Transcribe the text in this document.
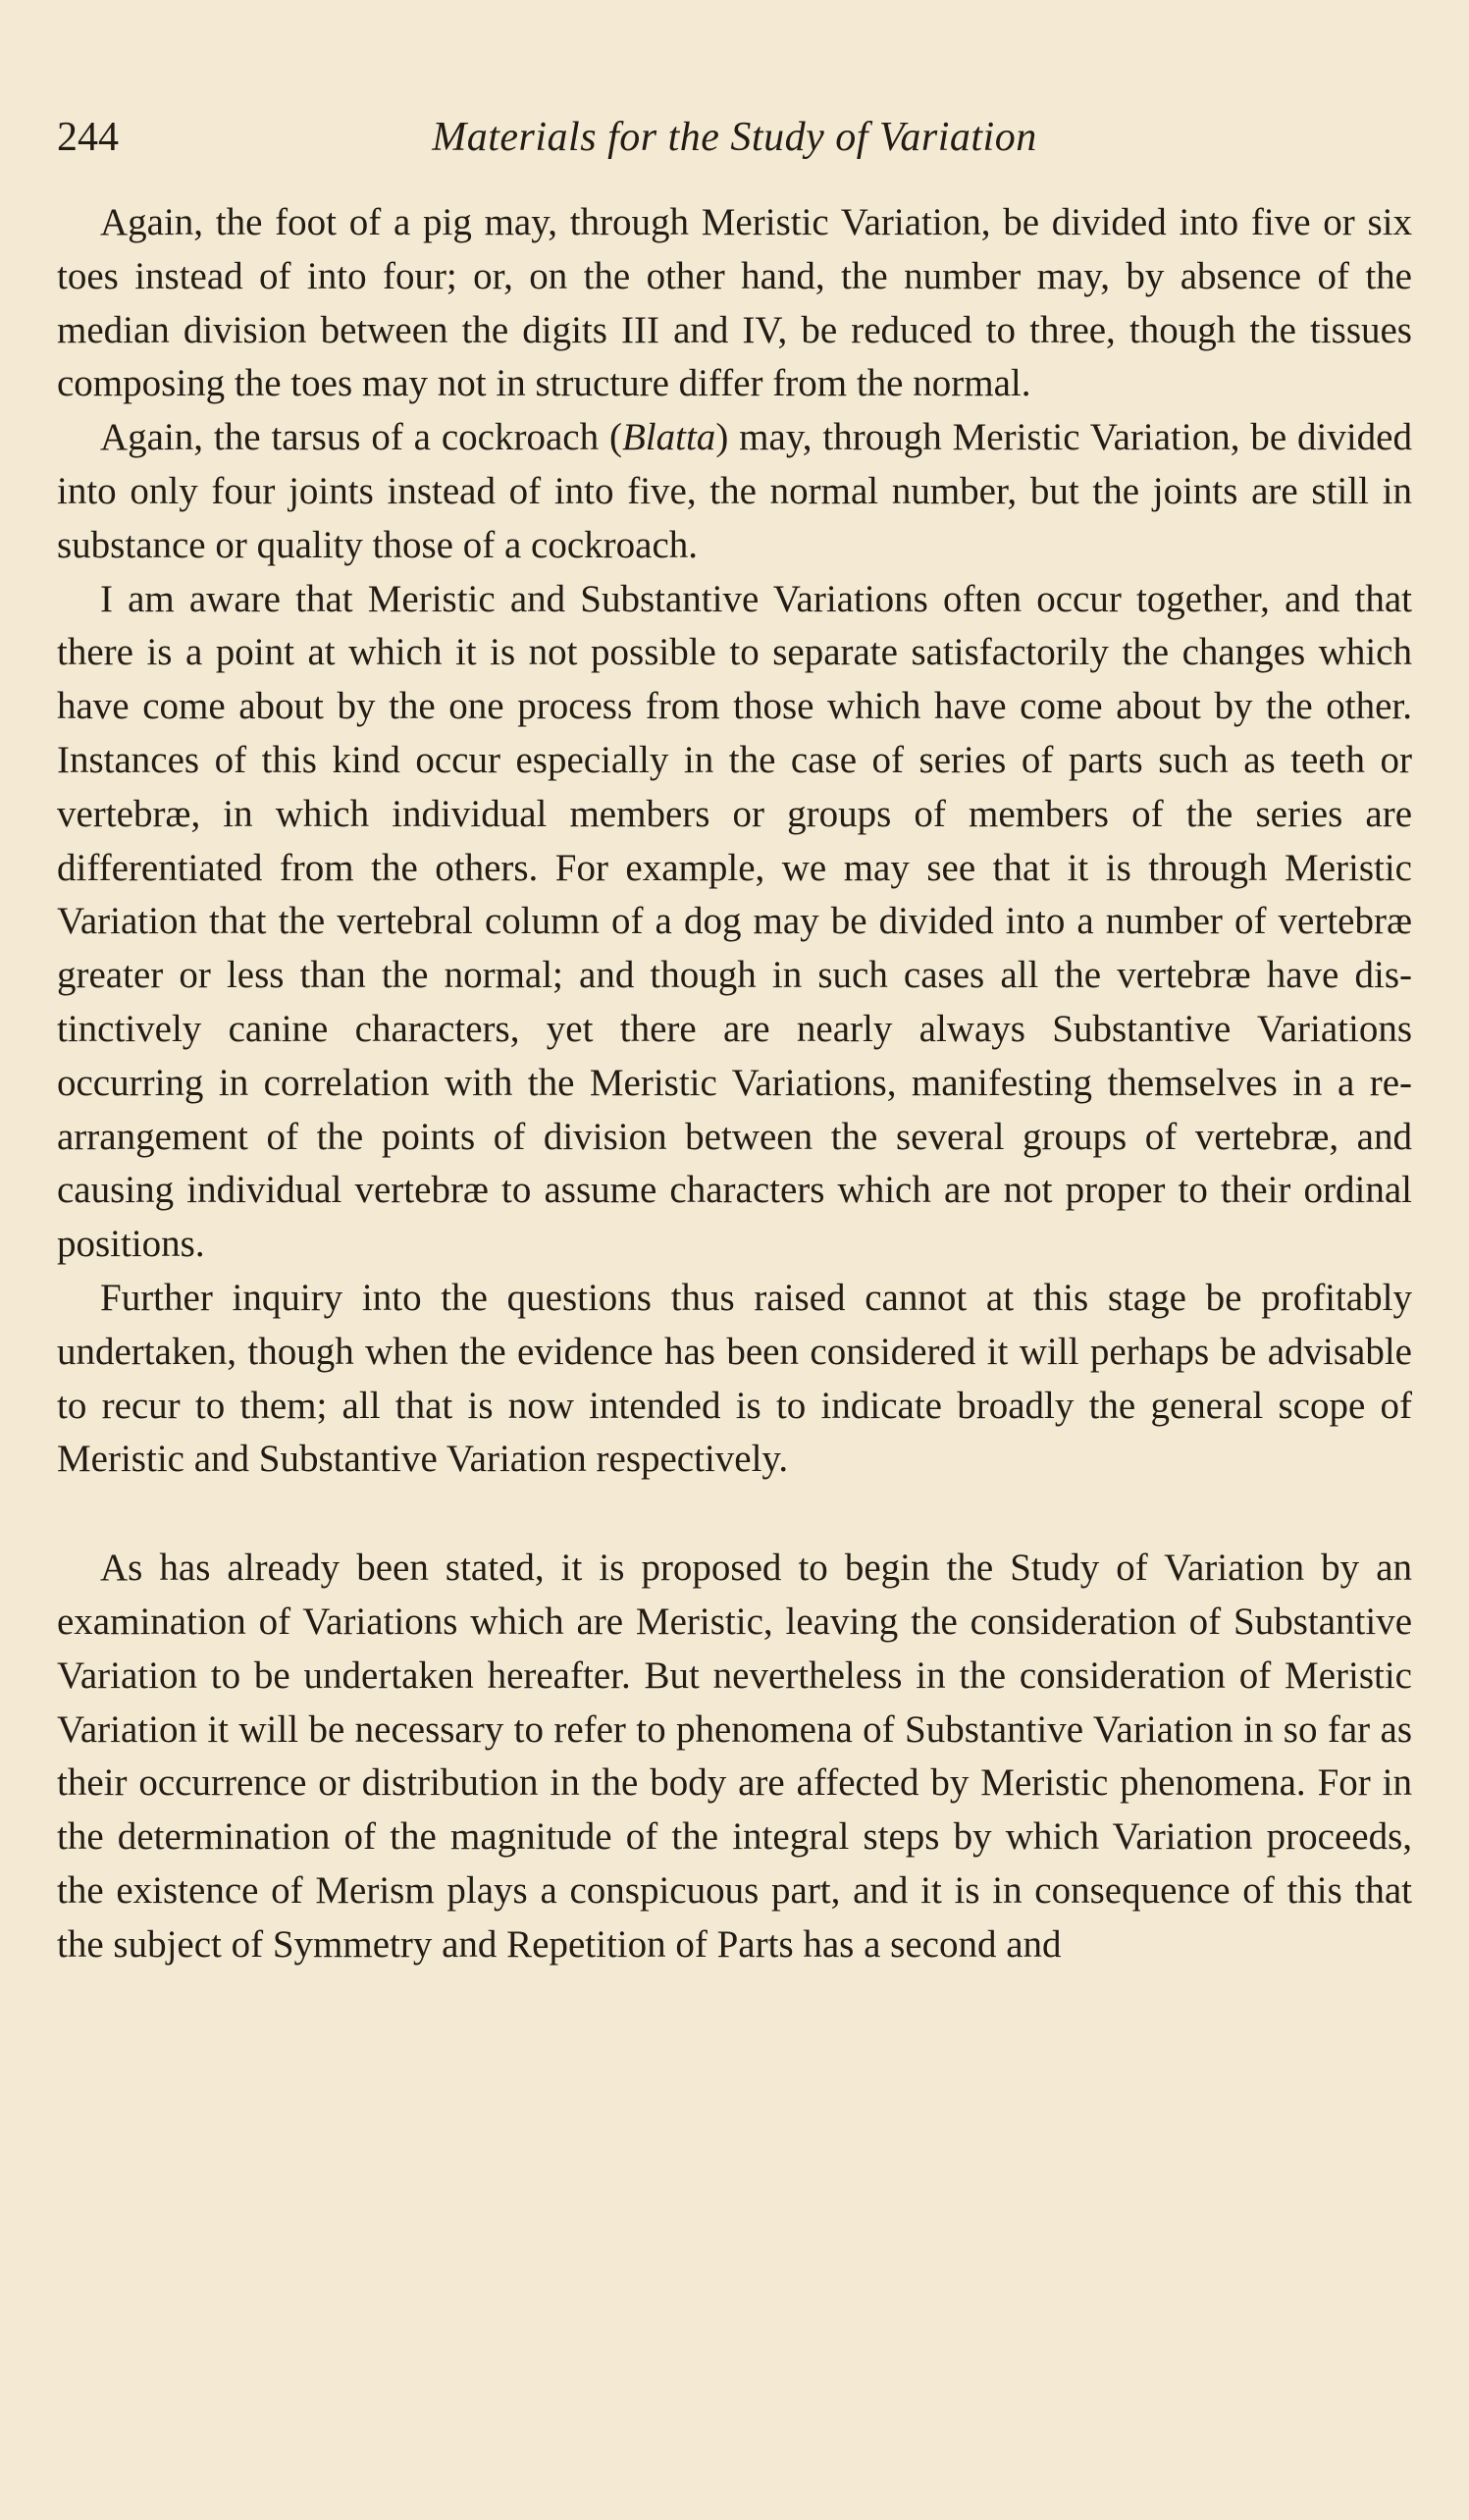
244	Materials for the Study of Variation

Again, the foot of a pig may, through Meristic Variation, be divided into five or six toes instead of into four; or, on the other hand, the number may, by absence of the median division between the digits III and IV, be reduced to three, though the tissues composing the toes may not in structure differ from the normal.

Again, the tarsus of a cockroach (Blatta) may, through Meristic Variation, be divided into only four joints instead of into five, the normal number, but the joints are still in substance or quality those of a cockroach.

I am aware that Meristic and Substantive Variations often occur together, and that there is a point at which it is not possible to separate satisfactorily the changes which have come about by the one process from those which have come about by the other. Instances of this kind occur especially in the case of series of parts such as teeth or vertebræ, in which individual members or groups of members of the series are differentiated from the others. For example, we may see that it is through Meristic Variation that the vertebral column of a dog may be divided into a number of vertebræ greater or less than the normal; and though in such cases all the vertebræ have distinctively canine characters, yet there are nearly always Substantive Variations occurring in correlation with the Meristic Variations, manifesting themselves in a re-arrangement of the points of division between the several groups of vertebræ, and causing individual vertebræ to assume characters which are not proper to their ordinal positions.

Further inquiry into the questions thus raised cannot at this stage be profitably undertaken, though when the evidence has been considered it will perhaps be advisable to recur to them; all that is now intended is to indicate broadly the general scope of Meristic and Substantive Variation respectively.

As has already been stated, it is proposed to begin the Study of Variation by an examination of Variations which are Meristic, leaving the consideration of Substantive Variation to be undertaken hereafter. But nevertheless in the consideration of Meristic Variation it will be necessary to refer to phenomena of Substantive Variation in so far as their occurrence or distribution in the body are affected by Meristic phenomena. For in the determination of the magnitude of the integral steps by which Variation proceeds, the existence of Merism plays a conspicuous part, and it is in consequence of this that the subject of Symmetry and Repetition of Parts has a second and
